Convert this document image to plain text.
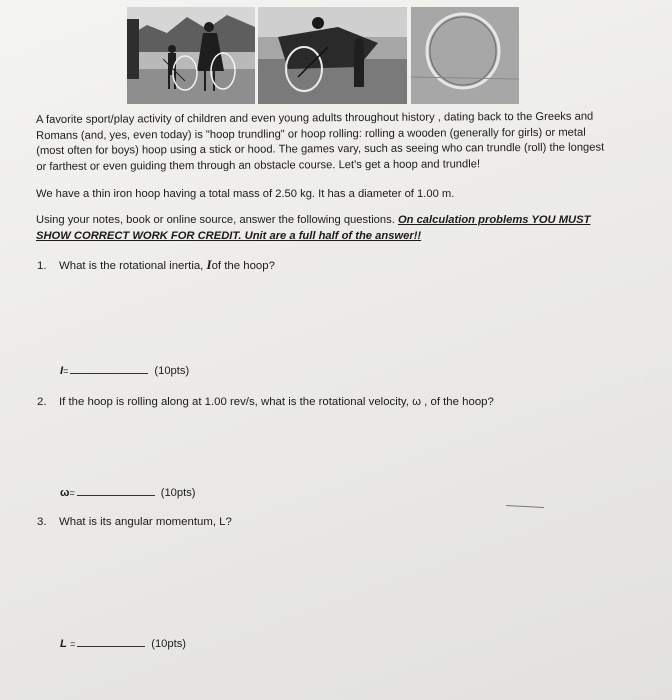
A favorite sport/play activity of children and even young adults throughout history , dating back to the Greeks and
Romans (and, yes, even today) is "hoop trundling" or hoop rolling: rolling a wooden (generally for girls) or metal
(most often for boys) hoop using a stick or hood. The games vary, such as seeing who can trundle (roll) the longest
or farthest or even guiding them through an obstacle course. Let's get a hoop and trundle!
We have a thin iron hoop having a total mass of 2.50 kg. It has a diameter of 1.00 m.
Using your notes, book or online source, answer the following questions. On calculation problems YOU MUST
SHOW CORRECT WORK FOR CREDIT. Unit are a full half of the answer!!
1. What is the rotational inertia, Iof the hoop?
I=	(10pts)
2. If the hoop is rolling along at 1.00 rev/s, what is the rotational velocity, ω , of the hoop?
ω=	(10pts)
3. What is its angular momentum, L?
L =	(10pts)
